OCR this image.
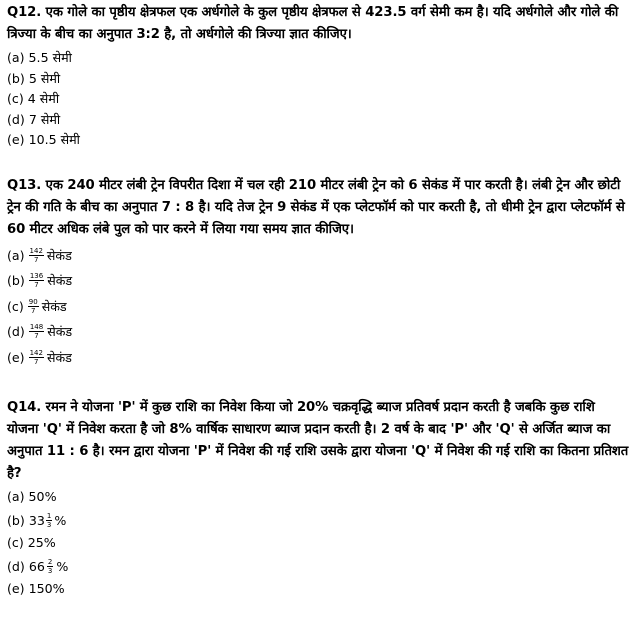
Q12. एक गोले का पृष्ठीय क्षेत्रफल एक अर्धगोले के कुल पृष्ठीय क्षेत्रफल से 423.5 वर्ग सेमी कम है। यदि अर्धगोले और गोले की त्रिज्या के बीच का अनुपात 3:2 है, तो अर्धगोले की त्रिज्या ज्ञात कीजिए।

(a) 5.5 सेमी
(b) 5 सेमी
(c) 4 सेमी
(d) 7 सेमी
(e) 10.5 सेमी

Q13. एक 240 मीटर लंबी ट्रेन विपरीत दिशा में चल रही 210 मीटर लंबी ट्रेन को 6 सेकंड में पार करती है। लंबी ट्रेन और छोटी ट्रेन की गति के बीच का अनुपात 7 : 8 है। यदि तेज ट्रेन 9 सेकंड में एक प्लेटफॉर्म को पार करती है, तो धीमी ट्रेन द्वारा प्लेटफॉर्म से 60 मीटर अधिक लंबे पुल को पार करने में लिया गया समय ज्ञात कीजिए।

$(a) \frac{142}{7}$ सेकंड
$(b) \frac{136}{7}$ सेकंड
$(c) \frac{90}{7}$ सेकंड
$(d) \frac{148}{7}$ सेकंड
$(e) \frac{142}{7}$ सेकंड

Q14. रमन ने योजना 'P' में कुछ राशि का निवेश किया जो 20% चक्रवृद्धि ब्याज प्रतिवर्ष प्रदान करती है जबकि कुछ राशि योजना 'Q' में निवेश करता है जो 8% वार्षिक साधारण ब्याज प्रदान करती है। 2 वर्ष के बाद 'P' और 'Q' से अर्जित ब्याज का अनुपात 11 : 6 है। रमन द्वारा योजना 'P' में निवेश की गई राशि उसके द्वारा योजना 'Q' में निवेश की गई राशि का कितना प्रतिशत है?

(a) 50%
(b)
$33 \frac{1}{3}$ %
(c) 25%
(d)
$66 \frac{2}{3}$ %
(e) 150%
